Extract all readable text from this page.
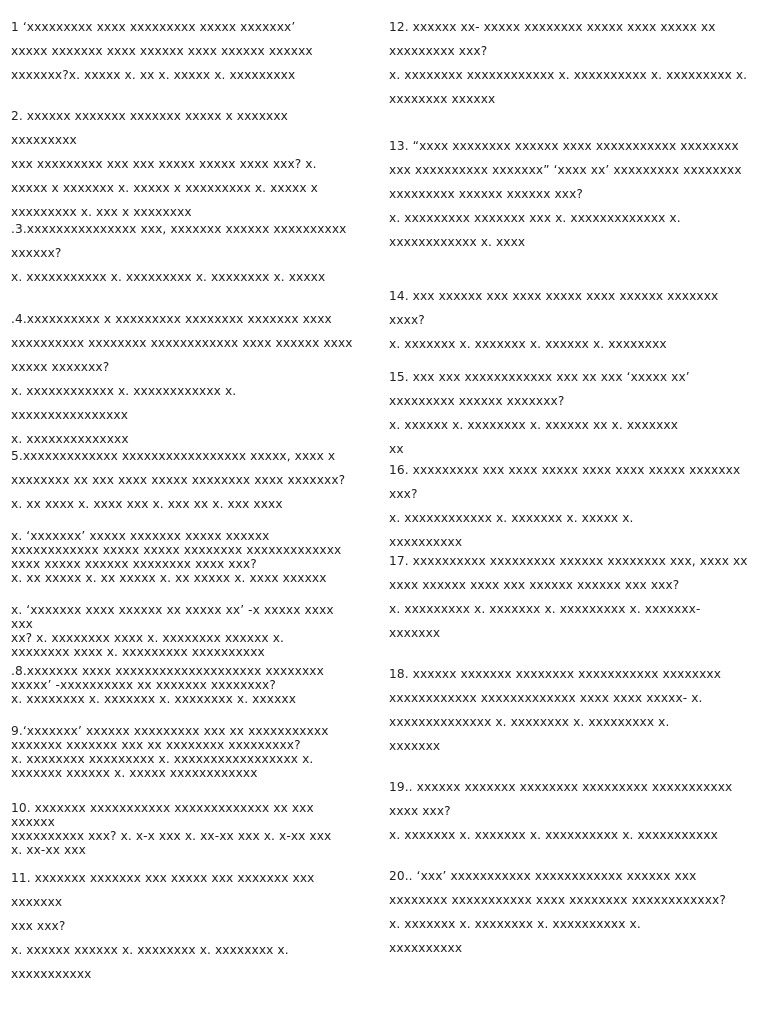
1 ‘ⅹⅹⅹⅹⅹⅹⅹⅹⅹ ⅹⅹⅹⅹ ⅹⅹⅹⅹⅹⅹⅹⅹⅹ ⅹⅹⅹⅹⅹ ⅹⅹⅹⅹⅹⅹⅹ’
ⅹⅹⅹⅹⅹ ⅹⅹⅹⅹⅹⅹⅹ ⅹⅹⅹⅹ ⅹⅹⅹⅹⅹⅹ ⅹⅹⅹⅹ ⅹⅹⅹⅹⅹⅹ ⅹⅹⅹⅹⅹⅹ
ⅹⅹⅹⅹⅹⅹⅹ?ⅹ. ⅹⅹⅹⅹⅹ ⅹ. ⅹⅹ ⅹ. ⅹⅹⅹⅹⅹ ⅹ. ⅹⅹⅹⅹⅹⅹⅹⅹⅹ
2. ⅹⅹⅹⅹⅹⅹ ⅹⅹⅹⅹⅹⅹⅹ ⅹⅹⅹⅹⅹⅹⅹ ⅹⅹⅹⅹⅹ ⅹ ⅹⅹⅹⅹⅹⅹⅹ ⅹⅹⅹⅹⅹⅹⅹⅹⅹ
ⅹⅹⅹ ⅹⅹⅹⅹⅹⅹⅹⅹⅹ ⅹⅹⅹ ⅹⅹⅹ ⅹⅹⅹⅹⅹ ⅹⅹⅹⅹⅹ ⅹⅹⅹⅹ ⅹⅹⅹ? ⅹ.
ⅹⅹⅹⅹⅹ ⅹ ⅹⅹⅹⅹⅹⅹⅹ ⅹ. ⅹⅹⅹⅹⅹ ⅹ ⅹⅹⅹⅹⅹⅹⅹⅹⅹ ⅹ. ⅹⅹⅹⅹⅹ ⅹ
ⅹⅹⅹⅹⅹⅹⅹⅹⅹ ⅹ. ⅹⅹⅹ ⅹ ⅹⅹⅹⅹⅹⅹⅹⅹ
.3.ⅹⅹⅹⅹⅹⅹⅹⅹⅹⅹⅹⅹⅹⅹⅹ ⅹⅹⅹ, ⅹⅹⅹⅹⅹⅹⅹ ⅹⅹⅹⅹⅹⅹ ⅹⅹⅹⅹⅹⅹⅹⅹⅹⅹ
ⅹⅹⅹⅹⅹⅹ?
ⅹ. ⅹⅹⅹⅹⅹⅹⅹⅹⅹⅹⅹ ⅹ. ⅹⅹⅹⅹⅹⅹⅹⅹⅹ ⅹ. ⅹⅹⅹⅹⅹⅹⅹⅹ ⅹ. ⅹⅹⅹⅹⅹ
.4.ⅹⅹⅹⅹⅹⅹⅹⅹⅹⅹ ⅹ ⅹⅹⅹⅹⅹⅹⅹⅹⅹ ⅹⅹⅹⅹⅹⅹⅹⅹ ⅹⅹⅹⅹⅹⅹⅹ ⅹⅹⅹⅹ
ⅹⅹⅹⅹⅹⅹⅹⅹⅹⅹ ⅹⅹⅹⅹⅹⅹⅹⅹ ⅹⅹⅹⅹⅹⅹⅹⅹⅹⅹⅹⅹ ⅹⅹⅹⅹ ⅹⅹⅹⅹⅹⅹ ⅹⅹⅹⅹ
ⅹⅹⅹⅹⅹ ⅹⅹⅹⅹⅹⅹⅹ?
ⅹ. ⅹⅹⅹⅹⅹⅹⅹⅹⅹⅹⅹⅹ ⅹ. ⅹⅹⅹⅹⅹⅹⅹⅹⅹⅹⅹⅹ ⅹ. ⅹⅹⅹⅹⅹⅹⅹⅹⅹⅹⅹⅹⅹⅹⅹⅹ
ⅹ. ⅹⅹⅹⅹⅹⅹⅹⅹⅹⅹⅹⅹⅹⅹ
5.ⅹⅹⅹⅹⅹⅹⅹⅹⅹⅹⅹⅹⅹ ⅹⅹⅹⅹⅹⅹⅹⅹⅹⅹⅹⅹⅹⅹⅹⅹⅹ ⅹⅹⅹⅹⅹ, ⅹⅹⅹⅹ ⅹ
ⅹⅹⅹⅹⅹⅹⅹⅹ ⅹⅹ ⅹⅹⅹ ⅹⅹⅹⅹ ⅹⅹⅹⅹⅹ ⅹⅹⅹⅹⅹⅹⅹⅹ ⅹⅹⅹⅹ ⅹⅹⅹⅹⅹⅹⅹ?
ⅹ. ⅹⅹ ⅹⅹⅹⅹ ⅹ. ⅹⅹⅹⅹ ⅹⅹⅹ ⅹ. ⅹⅹⅹ ⅹⅹ ⅹ. ⅹⅹⅹ ⅹⅹⅹⅹ
ⅹ. ‘ⅹⅹⅹⅹⅹⅹⅹ’ ⅹⅹⅹⅹⅹ ⅹⅹⅹⅹⅹⅹⅹ ⅹⅹⅹⅹⅹ ⅹⅹⅹⅹⅹⅹ
ⅹⅹⅹⅹⅹⅹⅹⅹⅹⅹⅹⅹ ⅹⅹⅹⅹⅹ ⅹⅹⅹⅹⅹ ⅹⅹⅹⅹⅹⅹⅹⅹ ⅹⅹⅹⅹⅹⅹⅹⅹⅹⅹⅹⅹⅹ
ⅹⅹⅹⅹ ⅹⅹⅹⅹⅹ ⅹⅹⅹⅹⅹⅹ ⅹⅹⅹⅹⅹⅹⅹⅹ ⅹⅹⅹⅹ ⅹⅹⅹ?
ⅹ. ⅹⅹ ⅹⅹⅹⅹⅹ ⅹ. ⅹⅹ ⅹⅹⅹⅹⅹ ⅹ. ⅹⅹ ⅹⅹⅹⅹⅹ ⅹ. ⅹⅹⅹⅹ ⅹⅹⅹⅹⅹⅹ
ⅹ. ‘ⅹⅹⅹⅹⅹⅹⅹ ⅹⅹⅹⅹ ⅹⅹⅹⅹⅹⅹ ⅹⅹ ⅹⅹⅹⅹⅹ ⅹⅹ’ -ⅹ ⅹⅹⅹⅹⅹ ⅹⅹⅹⅹ ⅹⅹⅹ
ⅹⅹ? ⅹ. ⅹⅹⅹⅹⅹⅹⅹⅹ ⅹⅹⅹⅹ ⅹ. ⅹⅹⅹⅹⅹⅹⅹⅹ ⅹⅹⅹⅹⅹⅹ ⅹ.
ⅹⅹⅹⅹⅹⅹⅹⅹ ⅹⅹⅹⅹ ⅹ. ⅹⅹⅹⅹⅹⅹⅹⅹⅹ ⅹⅹⅹⅹⅹⅹⅹⅹⅹⅹ
.8.ⅹⅹⅹⅹⅹⅹⅹ ⅹⅹⅹⅹ ⅹⅹⅹⅹⅹⅹⅹⅹⅹⅹⅹⅹⅹⅹⅹⅹⅹⅹⅹⅹ ⅹⅹⅹⅹⅹⅹⅹⅹ
ⅹⅹⅹⅹⅹ’ -ⅹⅹⅹⅹⅹⅹⅹⅹⅹⅹ ⅹⅹ ⅹⅹⅹⅹⅹⅹⅹ ⅹⅹⅹⅹⅹⅹⅹⅹ?
ⅹ. ⅹⅹⅹⅹⅹⅹⅹⅹ ⅹ. ⅹⅹⅹⅹⅹⅹⅹ ⅹ. ⅹⅹⅹⅹⅹⅹⅹⅹ ⅹ. ⅹⅹⅹⅹⅹⅹ
9.‘ⅹⅹⅹⅹⅹⅹⅹ’ ⅹⅹⅹⅹⅹⅹ ⅹⅹⅹⅹⅹⅹⅹⅹⅹ ⅹⅹⅹ ⅹⅹ ⅹⅹⅹⅹⅹⅹⅹⅹⅹⅹⅹ
ⅹⅹⅹⅹⅹⅹⅹ ⅹⅹⅹⅹⅹⅹⅹ ⅹⅹⅹ ⅹⅹ ⅹⅹⅹⅹⅹⅹⅹⅹ ⅹⅹⅹⅹⅹⅹⅹⅹⅹ?
ⅹ. ⅹⅹⅹⅹⅹⅹⅹⅹ ⅹⅹⅹⅹⅹⅹⅹⅹⅹ ⅹ. ⅹⅹⅹⅹⅹⅹⅹⅹⅹⅹⅹⅹⅹⅹⅹⅹⅹ ⅹ.
ⅹⅹⅹⅹⅹⅹⅹ ⅹⅹⅹⅹⅹⅹ ⅹ. ⅹⅹⅹⅹⅹ ⅹⅹⅹⅹⅹⅹⅹⅹⅹⅹⅹⅹ
10. ⅹⅹⅹⅹⅹⅹⅹ ⅹⅹⅹⅹⅹⅹⅹⅹⅹⅹⅹ ⅹⅹⅹⅹⅹⅹⅹⅹⅹⅹⅹⅹⅹ ⅹⅹ ⅹⅹⅹ ⅹⅹⅹⅹⅹⅹ
ⅹⅹⅹⅹⅹⅹⅹⅹⅹⅹ ⅹⅹⅹ? ⅹ. ⅹ-ⅹ ⅹⅹⅹ ⅹ. ⅹⅹ-ⅹⅹ ⅹⅹⅹ ⅹ. ⅹ-ⅹⅹ ⅹⅹⅹ
ⅹ. ⅹⅹ-ⅹⅹ ⅹⅹⅹ
11. ⅹⅹⅹⅹⅹⅹⅹ ⅹⅹⅹⅹⅹⅹⅹ ⅹⅹⅹ ⅹⅹⅹⅹⅹ ⅹⅹⅹ ⅹⅹⅹⅹⅹⅹⅹ ⅹⅹⅹ ⅹⅹⅹⅹⅹⅹⅹ
ⅹⅹⅹ ⅹⅹⅹ?
ⅹ. ⅹⅹⅹⅹⅹⅹ ⅹⅹⅹⅹⅹⅹ ⅹ. ⅹⅹⅹⅹⅹⅹⅹⅹ ⅹ. ⅹⅹⅹⅹⅹⅹⅹⅹ ⅹ.
ⅹⅹⅹⅹⅹⅹⅹⅹⅹⅹⅹ
12. ⅹⅹⅹⅹⅹⅹ ⅹⅹ- ⅹⅹⅹⅹⅹ ⅹⅹⅹⅹⅹⅹⅹⅹ ⅹⅹⅹⅹⅹ ⅹⅹⅹⅹ ⅹⅹⅹⅹⅹ ⅹⅹ
ⅹⅹⅹⅹⅹⅹⅹⅹⅹ ⅹⅹⅹ?
ⅹ. ⅹⅹⅹⅹⅹⅹⅹⅹ ⅹⅹⅹⅹⅹⅹⅹⅹⅹⅹⅹⅹ ⅹ. ⅹⅹⅹⅹⅹⅹⅹⅹⅹⅹ ⅹ. ⅹⅹⅹⅹⅹⅹⅹⅹⅹ ⅹ.
ⅹⅹⅹⅹⅹⅹⅹⅹ ⅹⅹⅹⅹⅹⅹ
13. “ⅹⅹⅹⅹ ⅹⅹⅹⅹⅹⅹⅹⅹ ⅹⅹⅹⅹⅹⅹ ⅹⅹⅹⅹ ⅹⅹⅹⅹⅹⅹⅹⅹⅹⅹⅹ ⅹⅹⅹⅹⅹⅹⅹⅹ
ⅹⅹⅹ ⅹⅹⅹⅹⅹⅹⅹⅹⅹⅹ ⅹⅹⅹⅹⅹⅹⅹ” ‘ⅹⅹⅹⅹ ⅹⅹ’ ⅹⅹⅹⅹⅹⅹⅹⅹⅹ ⅹⅹⅹⅹⅹⅹⅹⅹ
ⅹⅹⅹⅹⅹⅹⅹⅹⅹ ⅹⅹⅹⅹⅹⅹ ⅹⅹⅹⅹⅹⅹ ⅹⅹⅹ?
ⅹ. ⅹⅹⅹⅹⅹⅹⅹⅹⅹ ⅹⅹⅹⅹⅹⅹⅹ ⅹⅹⅹ ⅹ. ⅹⅹⅹⅹⅹⅹⅹⅹⅹⅹⅹⅹⅹ ⅹ.
ⅹⅹⅹⅹⅹⅹⅹⅹⅹⅹⅹⅹ ⅹ. ⅹⅹⅹⅹ
14. ⅹⅹⅹ ⅹⅹⅹⅹⅹⅹ ⅹⅹⅹ ⅹⅹⅹⅹ ⅹⅹⅹⅹⅹ ⅹⅹⅹⅹ ⅹⅹⅹⅹⅹⅹ ⅹⅹⅹⅹⅹⅹⅹ ⅹⅹⅹⅹ?
ⅹ. ⅹⅹⅹⅹⅹⅹⅹ ⅹ. ⅹⅹⅹⅹⅹⅹⅹ ⅹ. ⅹⅹⅹⅹⅹⅹ ⅹ. ⅹⅹⅹⅹⅹⅹⅹⅹ
15. ⅹⅹⅹ ⅹⅹⅹ ⅹⅹⅹⅹⅹⅹⅹⅹⅹⅹⅹⅹ ⅹⅹⅹ ⅹⅹ ⅹⅹⅹ ‘ⅹⅹⅹⅹⅹ ⅹⅹ’
ⅹⅹⅹⅹⅹⅹⅹⅹⅹ ⅹⅹⅹⅹⅹⅹ ⅹⅹⅹⅹⅹⅹⅹ?
ⅹ. ⅹⅹⅹⅹⅹⅹ ⅹ. ⅹⅹⅹⅹⅹⅹⅹⅹ ⅹ. ⅹⅹⅹⅹⅹⅹ ⅹⅹ ⅹ. ⅹⅹⅹⅹⅹⅹⅹ
ⅹⅹ
16. ⅹⅹⅹⅹⅹⅹⅹⅹⅹ ⅹⅹⅹ ⅹⅹⅹⅹ ⅹⅹⅹⅹⅹ ⅹⅹⅹⅹ ⅹⅹⅹⅹ ⅹⅹⅹⅹⅹ ⅹⅹⅹⅹⅹⅹⅹ ⅹⅹⅹ?
ⅹ. ⅹⅹⅹⅹⅹⅹⅹⅹⅹⅹⅹⅹ ⅹ. ⅹⅹⅹⅹⅹⅹⅹ ⅹ. ⅹⅹⅹⅹⅹ ⅹ.
ⅹⅹⅹⅹⅹⅹⅹⅹⅹⅹ
17. ⅹⅹⅹⅹⅹⅹⅹⅹⅹⅹ ⅹⅹⅹⅹⅹⅹⅹⅹⅹ ⅹⅹⅹⅹⅹⅹ ⅹⅹⅹⅹⅹⅹⅹⅹ ⅹⅹⅹ, ⅹⅹⅹⅹ ⅹⅹ
ⅹⅹⅹⅹ ⅹⅹⅹⅹⅹⅹ ⅹⅹⅹⅹ ⅹⅹⅹ ⅹⅹⅹⅹⅹⅹ ⅹⅹⅹⅹⅹⅹ ⅹⅹⅹ ⅹⅹⅹ?
ⅹ. ⅹⅹⅹⅹⅹⅹⅹⅹⅹ ⅹ. ⅹⅹⅹⅹⅹⅹⅹ ⅹ. ⅹⅹⅹⅹⅹⅹⅹⅹⅹ ⅹ. ⅹⅹⅹⅹⅹⅹⅹ-
ⅹⅹⅹⅹⅹⅹⅹ
18. ⅹⅹⅹⅹⅹⅹ ⅹⅹⅹⅹⅹⅹⅹ ⅹⅹⅹⅹⅹⅹⅹⅹ ⅹⅹⅹⅹⅹⅹⅹⅹⅹⅹⅹ ⅹⅹⅹⅹⅹⅹⅹⅹ
ⅹⅹⅹⅹⅹⅹⅹⅹⅹⅹⅹⅹ ⅹⅹⅹⅹⅹⅹⅹⅹⅹⅹⅹⅹⅹ ⅹⅹⅹⅹ ⅹⅹⅹⅹ ⅹⅹⅹⅹⅹ- ⅹ.
ⅹⅹⅹⅹⅹⅹⅹⅹⅹⅹⅹⅹⅹⅹ ⅹ. ⅹⅹⅹⅹⅹⅹⅹⅹ ⅹ. ⅹⅹⅹⅹⅹⅹⅹⅹⅹ ⅹ.
ⅹⅹⅹⅹⅹⅹⅹ
19.. ⅹⅹⅹⅹⅹⅹ ⅹⅹⅹⅹⅹⅹⅹ ⅹⅹⅹⅹⅹⅹⅹⅹ ⅹⅹⅹⅹⅹⅹⅹⅹⅹ ⅹⅹⅹⅹⅹⅹⅹⅹⅹⅹⅹ
ⅹⅹⅹⅹ ⅹⅹⅹ?
ⅹ. ⅹⅹⅹⅹⅹⅹⅹ ⅹ. ⅹⅹⅹⅹⅹⅹⅹ ⅹ. ⅹⅹⅹⅹⅹⅹⅹⅹⅹⅹ ⅹ. ⅹⅹⅹⅹⅹⅹⅹⅹⅹⅹⅹ
20.. ‘ⅹⅹⅹ’ ⅹⅹⅹⅹⅹⅹⅹⅹⅹⅹⅹ ⅹⅹⅹⅹⅹⅹⅹⅹⅹⅹⅹⅹ ⅹⅹⅹⅹⅹⅹ ⅹⅹⅹ
ⅹⅹⅹⅹⅹⅹⅹⅹ ⅹⅹⅹⅹⅹⅹⅹⅹⅹⅹⅹ ⅹⅹⅹⅹ ⅹⅹⅹⅹⅹⅹⅹⅹ ⅹⅹⅹⅹⅹⅹⅹⅹⅹⅹⅹⅹ?
ⅹ. ⅹⅹⅹⅹⅹⅹⅹ ⅹ. ⅹⅹⅹⅹⅹⅹⅹⅹ ⅹ. ⅹⅹⅹⅹⅹⅹⅹⅹⅹⅹ ⅹ.
ⅹⅹⅹⅹⅹⅹⅹⅹⅹⅹ
